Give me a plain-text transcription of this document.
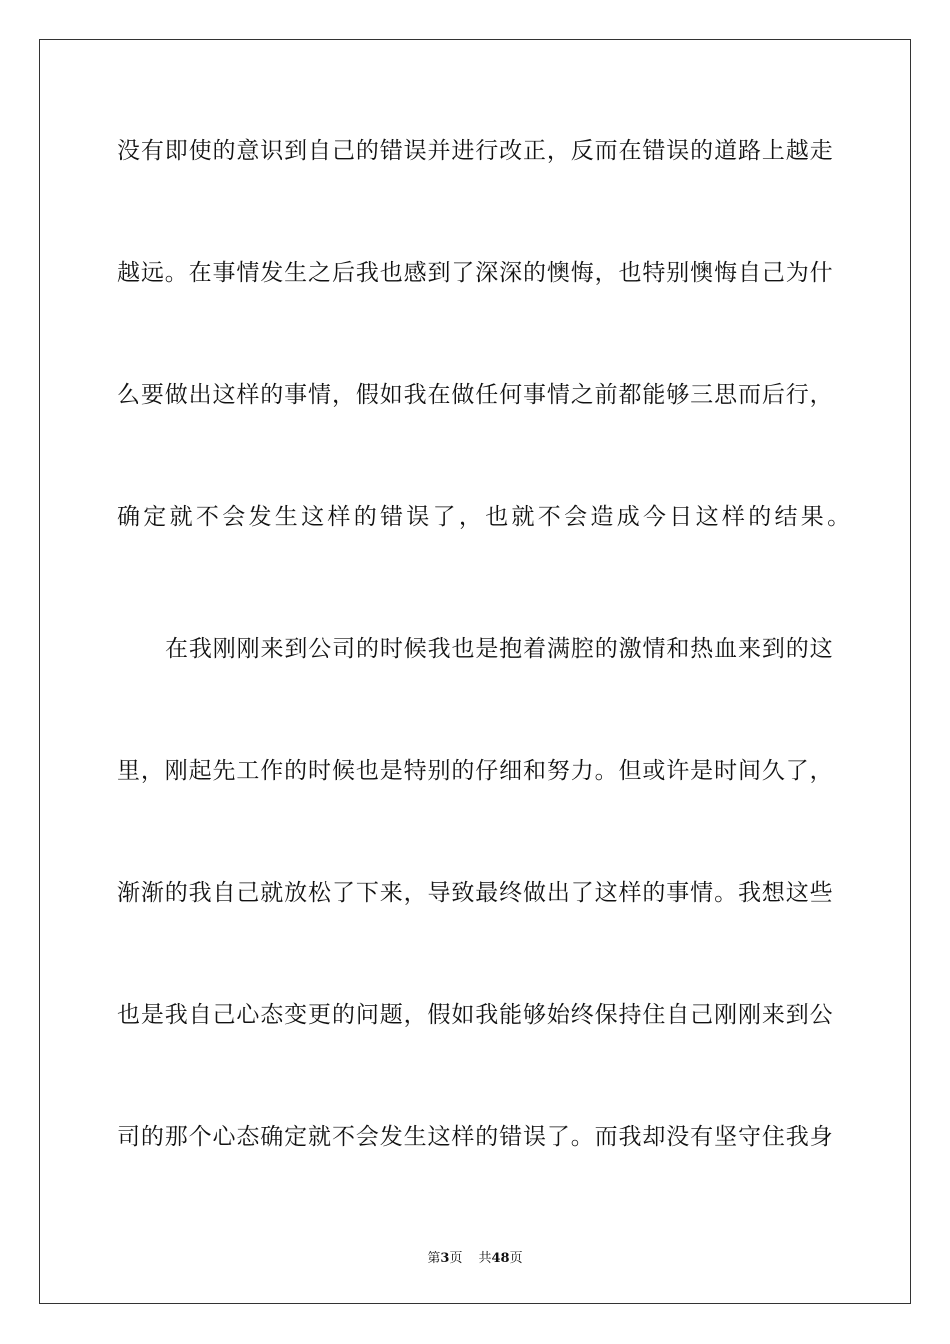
没有即使的意识到自己的错误并进行改正，反而在错误的道路上越走
越远。在事情发生之后我也感到了深深的懊悔，也特别懊悔自己为什
么要做出这样的事情，假如我在做任何事情之前都能够三思而后行，
确定就不会发生这样的错误了，也就不会造成今日这样的结果。
在我刚刚来到公司的时候我也是抱着满腔的激情和热血来到的这
里，刚起先工作的时候也是特别的仔细和努力。但或许是时间久了，
渐渐的我自己就放松了下来，导致最终做出了这样的事情。我想这些
也是我自己心态变更的问题，假如我能够始终保持住自己刚刚来到公
司的那个心态确定就不会发生这样的错误了。而我却没有坚守住我身
第3页 共48页
